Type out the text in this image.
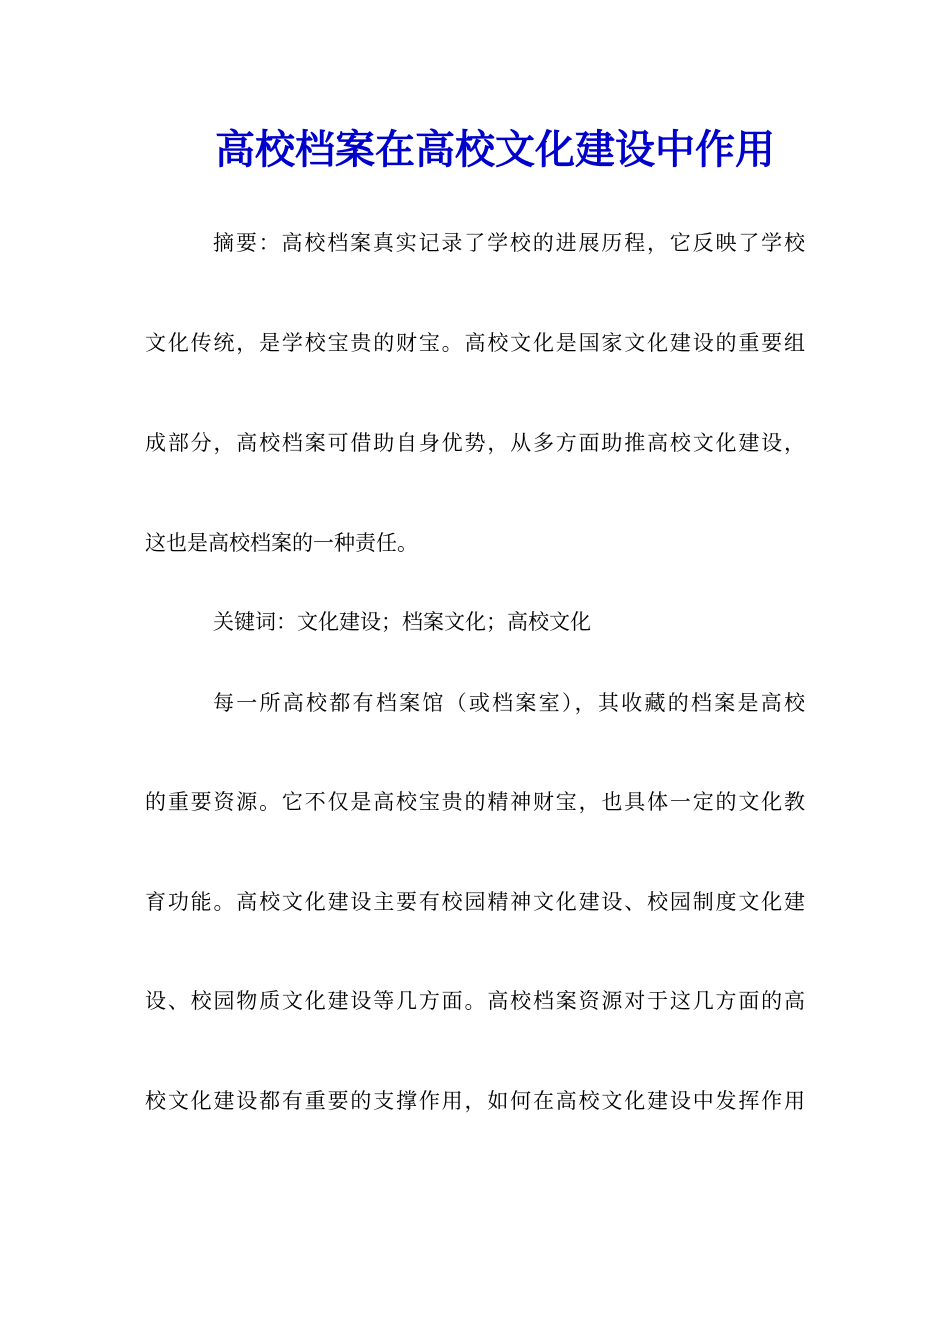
高校档案在高校文化建设中作用
摘要：高校档案真实记录了学校的进展历程，它反映了学校
文化传统，是学校宝贵的财宝。高校文化是国家文化建设的重要组
成部分，高校档案可借助自身优势，从多方面助推高校文化建设，
这也是高校档案的一种责任。
关键词：文化建设；档案文化；高校文化
每一所高校都有档案馆（或档案室），其收藏的档案是高校
的重要资源。它不仅是高校宝贵的精神财宝，也具体一定的文化教
育功能。高校文化建设主要有校园精神文化建设、校园制度文化建
设、校园物质文化建设等几方面。高校档案资源对于这几方面的高
校文化建设都有重要的支撑作用，如何在高校文化建设中发挥作用
